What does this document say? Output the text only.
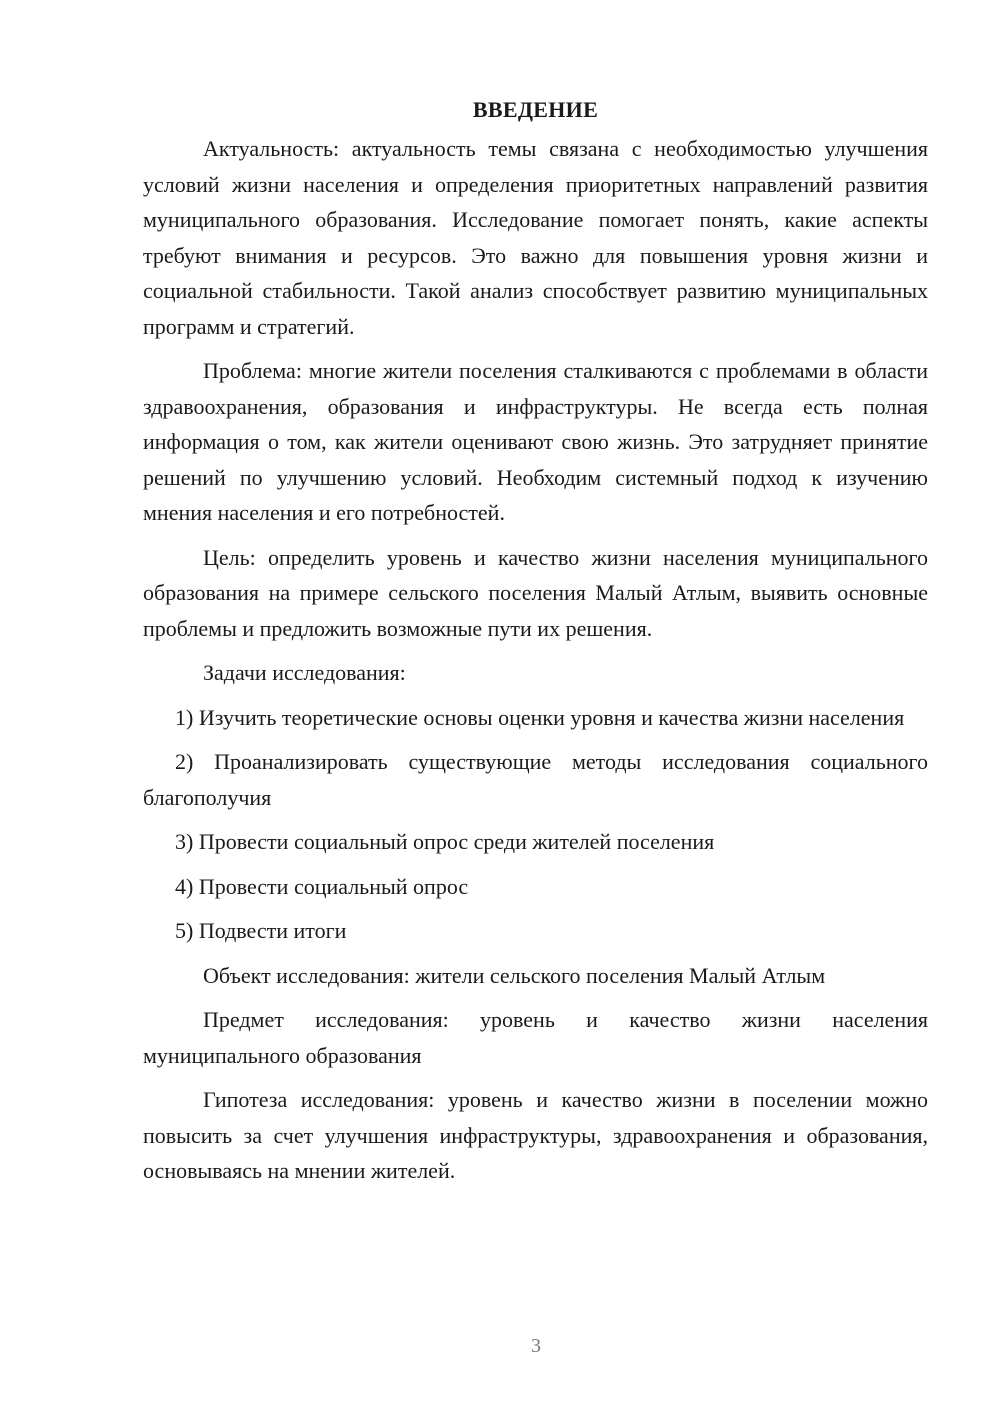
ВВЕДЕНИЕ

Актуальность: актуальность темы связана с необходимостью улучшения условий жизни населения и определения приоритетных направлений развития муниципального образования. Исследование помогает понять, какие аспекты требуют внимания и ресурсов. Это важно для повышения уровня жизни и социальной стабильности. Такой анализ способствует развитию муниципальных программ и стратегий.

Проблема: многие жители поселения сталкиваются с проблемами в области здравоохранения, образования и инфраструктуры. Не всегда есть полная информация о том, как жители оценивают свою жизнь. Это затрудняет принятие решений по улучшению условий. Необходим системный подход к изучению мнения населения и его потребностей.

Цель: определить уровень и качество жизни населения муниципального образования на примере сельского поселения Малый Атлым, выявить основные проблемы и предложить возможные пути их решения.

Задачи исследования:

1) Изучить теоретические основы оценки уровня и качества жизни населения

2) Проанализировать существующие методы исследования социального благополучия

3) Провести социальный опрос среди жителей поселения

4) Провести социальный опрос

5) Подвести итоги

Объект исследования: жители сельского поселения Малый Атлым

Предмет исследования: уровень и качество жизни населения муниципального образования

Гипотеза исследования: уровень и качество жизни в поселении можно повысить за счет улучшения инфраструктуры, здравоохранения и образования, основываясь на мнении жителей.

3
